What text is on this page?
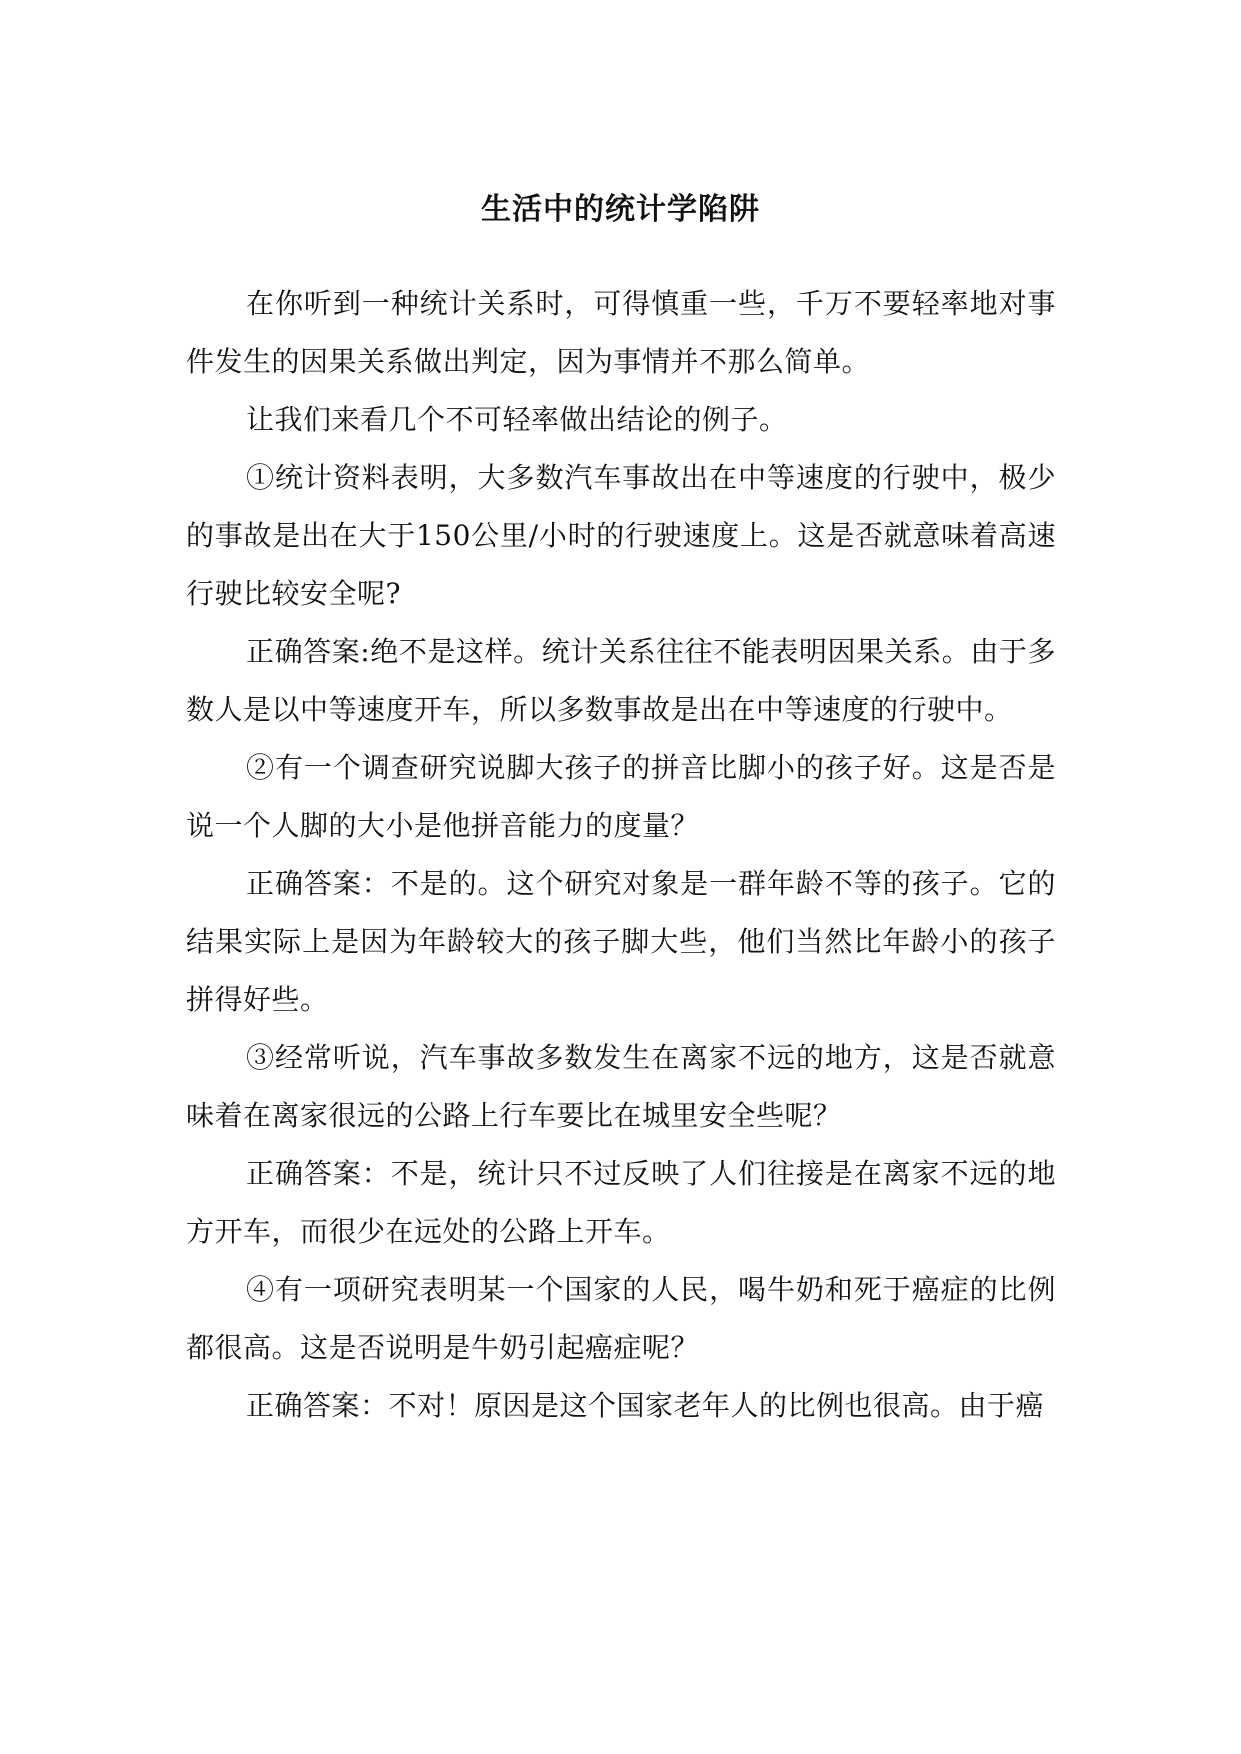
生活中的统计学陷阱

在你听到一种统计关系时，可得慎重一些，千万不要轻率地对事件发生的因果关系做出判定，因为事情并不那么简单。

让我们来看几个不可轻率做出结论的例子。

①统计资料表明，大多数汽车事故出在中等速度的行驶中，极少的事故是出在大于150公里/小时的行驶速度上。这是否就意味着高速行驶比较安全呢?

正确答案:绝不是这样。统计关系往往不能表明因果关系。由于多数人是以中等速度开车，所以多数事故是出在中等速度的行驶中。

②有一个调查研究说脚大孩子的拼音比脚小的孩子好。这是否是说一个人脚的大小是他拼音能力的度量？

正确答案：不是的。这个研究对象是一群年龄不等的孩子。它的结果实际上是因为年龄较大的孩子脚大些，他们当然比年龄小的孩子拼得好些。

③经常听说，汽车事故多数发生在离家不远的地方，这是否就意味着在离家很远的公路上行车要比在城里安全些呢？

正确答案：不是，统计只不过反映了人们往接是在离家不远的地方开车，而很少在远处的公路上开车。

④有一项研究表明某一个国家的人民，喝牛奶和死于癌症的比例都很高。这是否说明是牛奶引起癌症呢？

正确答案：不对！原因是这个国家老年人的比例也很高。由于癌
